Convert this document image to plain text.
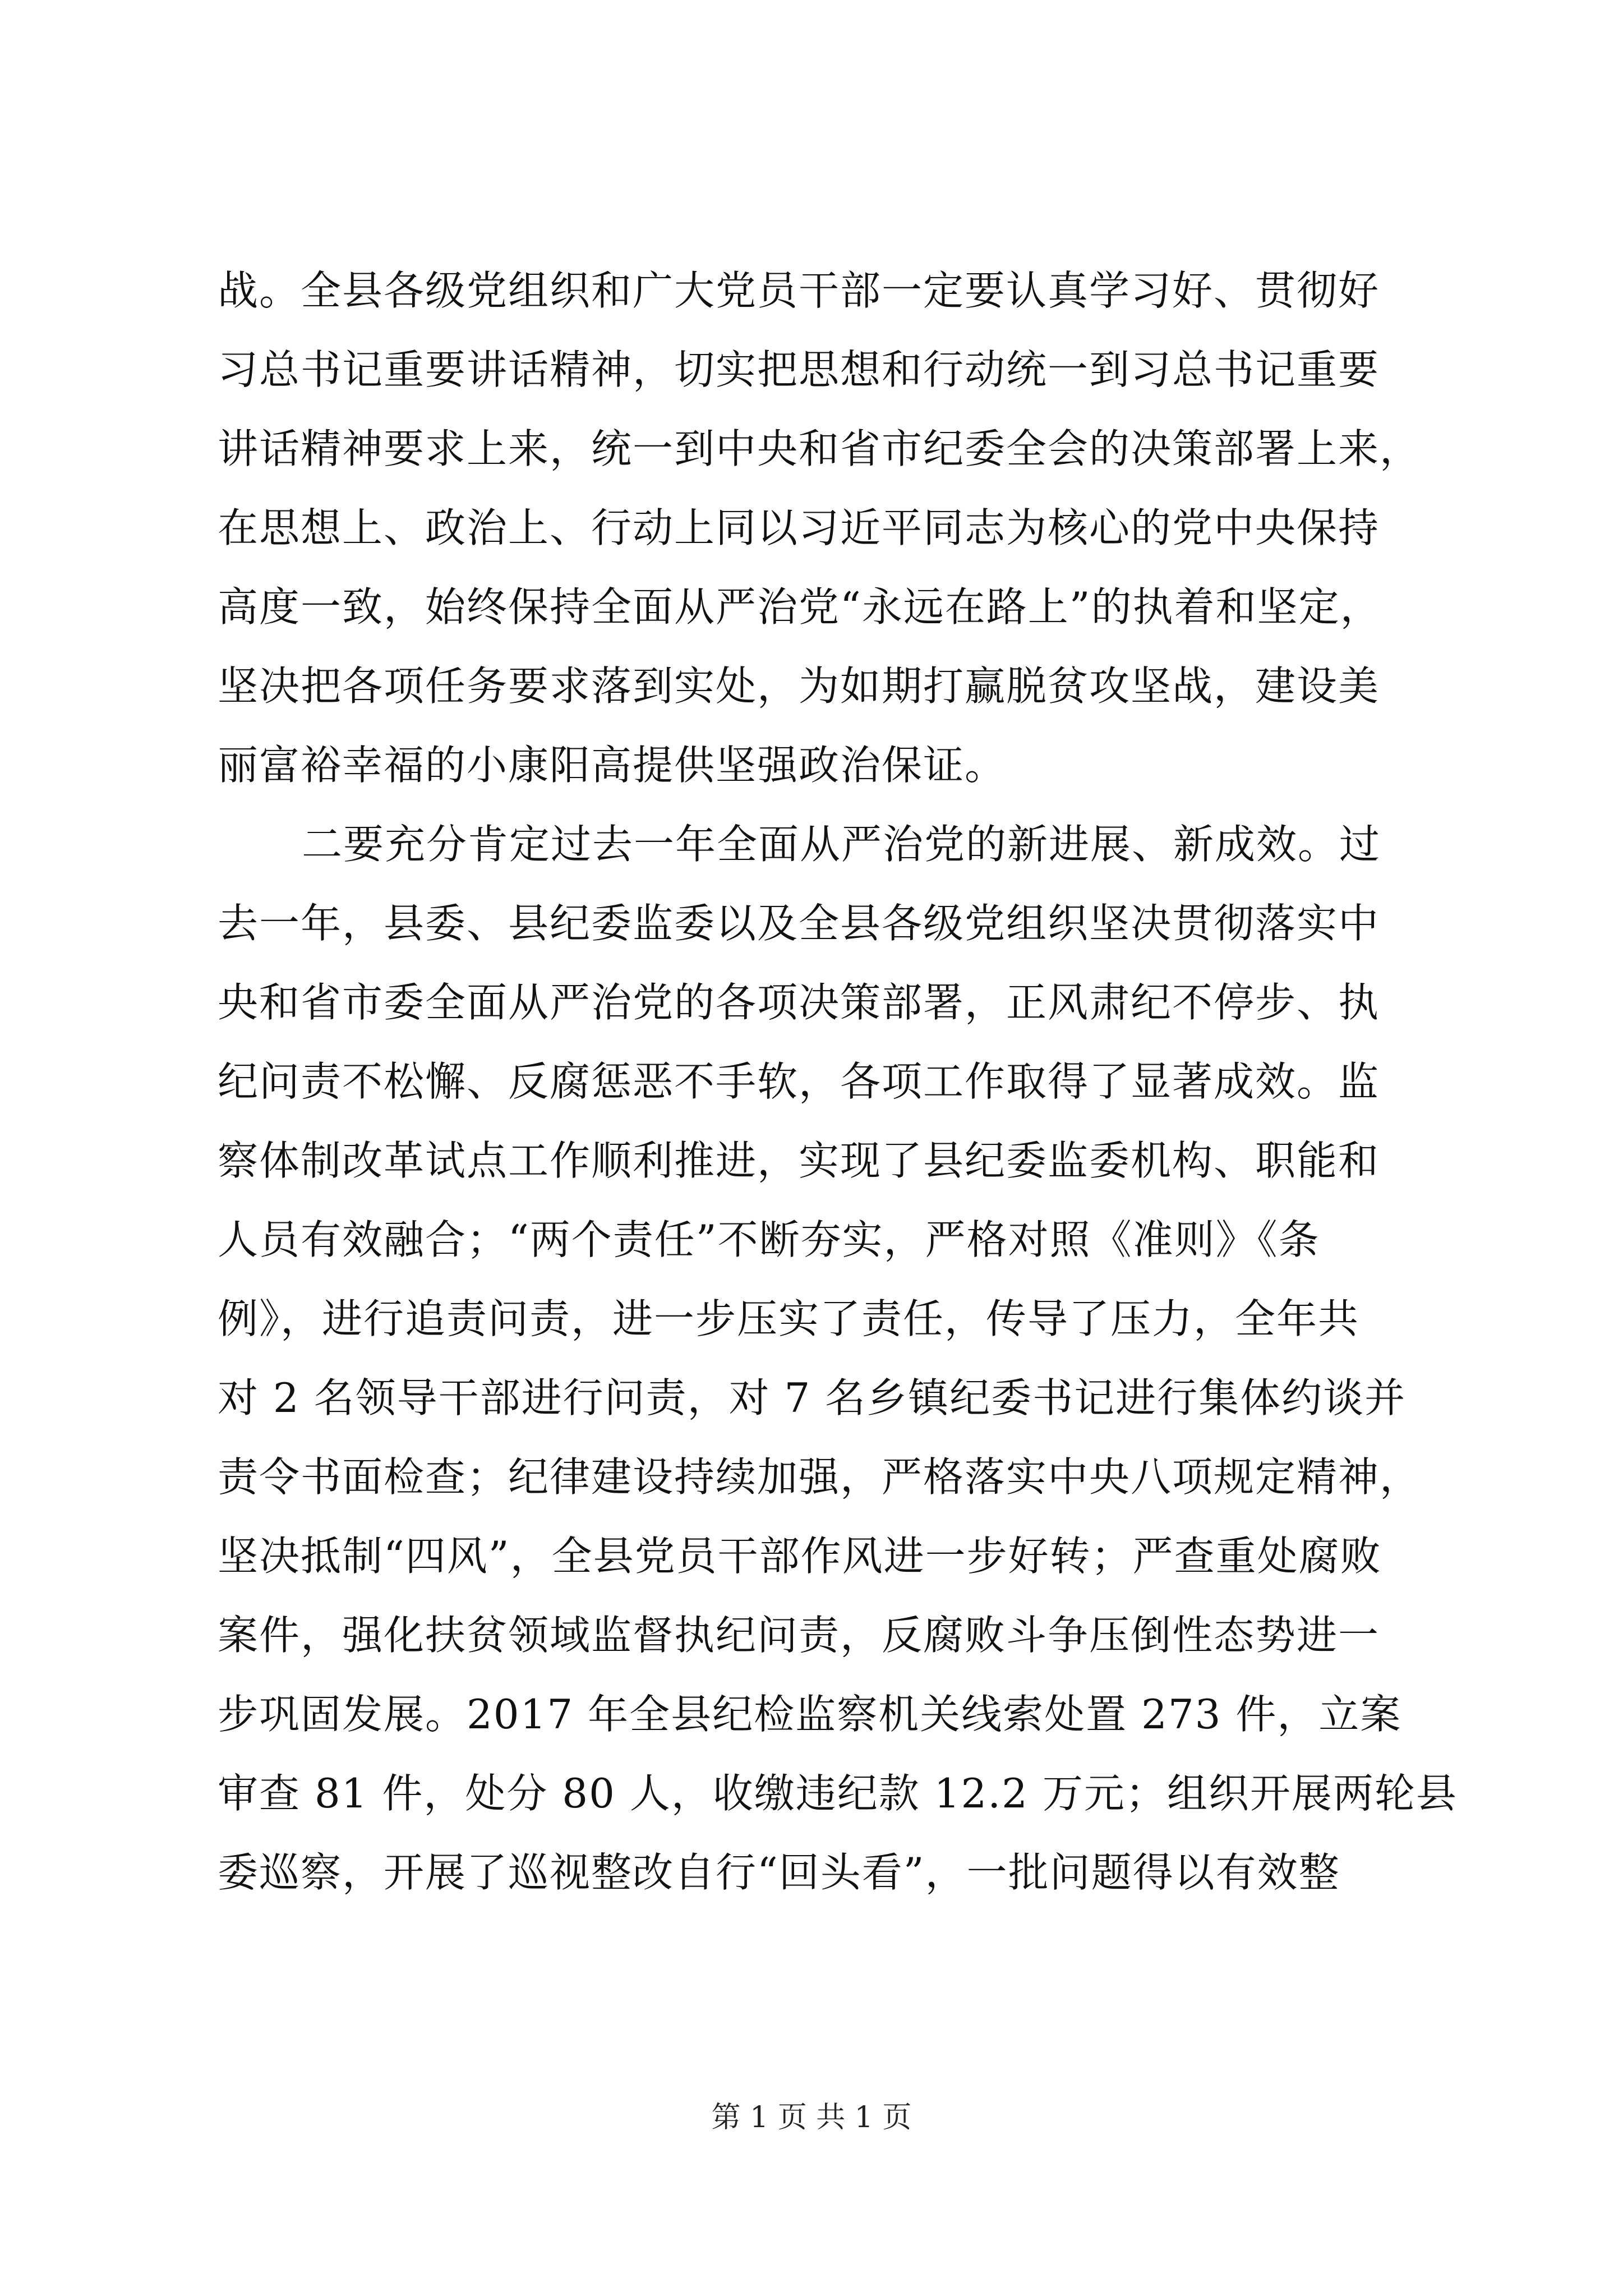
战。全县各级党组织和广大党员干部一定要认真学习好、贯彻好
习总书记重要讲话精神，切实把思想和行动统一到习总书记重要
讲话精神要求上来，统一到中央和省市纪委全会的决策部署上来，
在思想上、政治上、行动上同以习近平同志为核心的党中央保持
高度一致，始终保持全面从严治党“永远在路上”的执着和坚定，
坚决把各项任务要求落到实处，为如期打赢脱贫攻坚战，建设美
丽富裕幸福的小康阳高提供坚强政治保证。
二要充分肯定过去一年全面从严治党的新进展、新成效。过
去一年，县委、县纪委监委以及全县各级党组织坚决贯彻落实中
央和省市委全面从严治党的各项决策部署，正风肃纪不停步、执
纪问责不松懈、反腐惩恶不手软，各项工作取得了显著成效。监
察体制改革试点工作顺利推进，实现了县纪委监委机构、职能和
人员有效融合；“两个责任”不断夯实，严格对照《准则》《条
例》，进行追责问责，进一步压实了责任，传导了压力，全年共
对 2 名领导干部进行问责，对 7 名乡镇纪委书记进行集体约谈并
责令书面检查；纪律建设持续加强，严格落实中央八项规定精神，
坚决抵制“四风”，全县党员干部作风进一步好转；严查重处腐败
案件，强化扶贫领域监督执纪问责，反腐败斗争压倒性态势进一
步巩固发展。2017 年全县纪检监察机关线索处置 273 件，立案
审查 81 件，处分 80 人，收缴违纪款 12.2 万元；组织开展两轮县
委巡察，开展了巡视整改自行“回头看”，一批问题得以有效整
第 1 页 共 1 页
